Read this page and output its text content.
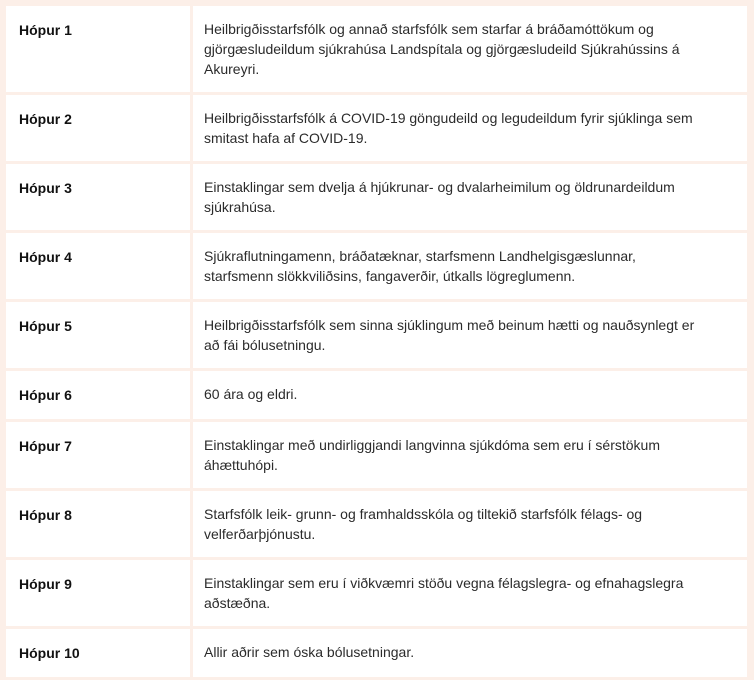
Hópur 1	Heilbrigðisstarfsfólk og annað starfsfólk sem starfar á bráðamóttökum og
gjörgæsludeildum sjúkrahúsa Landspítala og gjörgæsludeild Sjúkrahússins á
Akureyri.
Hópur 2	Heilbrigðisstarfsfólk á COVID-19 göngudeild og legudeildum fyrir sjúklinga sem
smitast hafa af COVID-19.
Hópur 3	Einstaklingar sem dvelja á hjúkrunar- og dvalarheimilum og öldrunardeildum
sjúkrahúsa.
Hópur 4	Sjúkraflutningamenn, bráðatæknar, starfsmenn Landhelgisgæslunnar,
starfsmenn slökkviliðsins, fangaverðir, útkalls lögreglumenn.
Hópur 5	Heilbrigðisstarfsfólk sem sinna sjúklingum með beinum hætti og nauðsynlegt er
að fái bólusetningu.
Hópur 6	60 ára og eldri.
Hópur 7	Einstaklingar með undirliggjandi langvinna sjúkdóma sem eru í sérstökum
áhættuhópi.
Hópur 8	Starfsfólk leik- grunn- og framhaldsskóla og tiltekið starfsfólk félags- og
velferðarþjónustu.
Hópur 9	Einstaklingar sem eru í viðkvæmri stöðu vegna félagslegra- og efnahagslegra
aðstæðna.
Hópur 10	Allir aðrir sem óska bólusetningar.
